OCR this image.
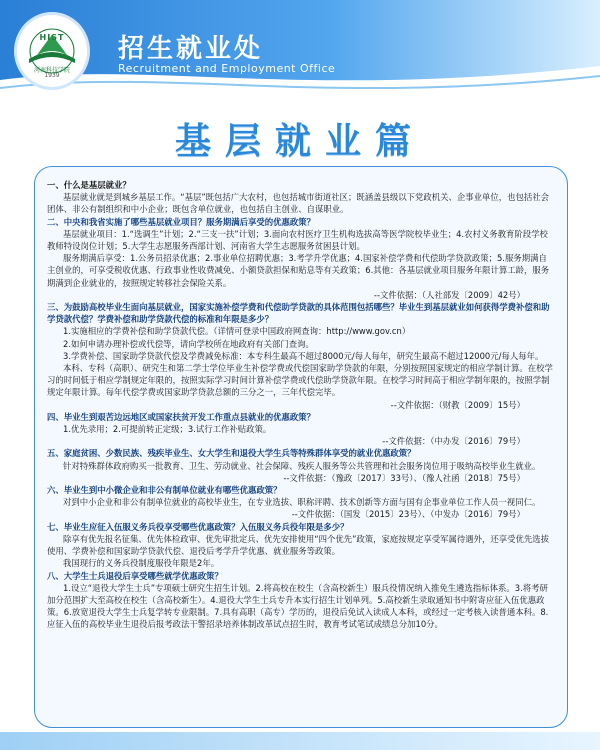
HIST
河南科技学院
1939
招生就业处
Recruitment and Employment Office
基层就业篇

一、什么是基层就业？

基层就业就是到城乡基层工作。“基层”既包括广大农村，也包括城市街道社区；既涵盖县级以下党政机关、企事业单位，也包括社会团体、非公有制组织和中小企业；既包含单位就业，也包括自主创业、自谋职业。

二、中央和我省实施了哪些基层就业项目？服务期满后享受的优惠政策？

基层就业项目：1.“选调生”计划；2.“三支一扶”计划；3.面向农村医疗卫生机构选拔高等医学院校毕业生；4.农村义务教育阶段学校教师特设岗位计划；5.大学生志愿服务西部计划、河南省大学生志愿服务贫困县计划。

服务期满后享受：1.公务员招录优惠；2.事业单位招聘优惠；3.考学升学优惠；4.国家补偿学费和代偿助学贷款政策；5.服务期满自主创业的，可享受税收优惠、行政事业性收费减免、小额贷款担保和贴息等有关政策；6.其他：各基层就业项目服务年限计算工龄，服务期满到企业就业的，按照规定转移社会保险关系。

--文件依据：（人社部发〔2009〕42号）

三、为鼓励高校毕业生面向基层就业，国家实施补偿学费和代偿助学贷款的具体范围包括哪些？毕业生到基层就业如何获得学费补偿和助学贷款代偿？学费补偿和助学贷款代偿的标准和年限是多少？

1.实施相应的学费补偿和助学贷款代偿。（详情可登录中国政府网查询：http://www.gov.cn）

2.如何申请办理补偿或代偿等，请向学校所在地政府有关部门查询。

3.学费补偿、国家助学贷款代偿及学费减免标准：本专科生最高不超过8000元/每人每年，研究生最高不超过12000元/每人每年。

本科、专科（高职）、研究生和第二学士学位毕业生补偿学费或代偿国家助学贷款的年限，分别按照国家规定的相应学制计算。在校学习的时间低于相应学制规定年限的，按照实际学习时间计算补偿学费或代偿助学贷款年限。在校学习时间高于相应学制年限的，按照学制规定年限计算。每年代偿学费或国家助学贷款总额的三分之一，三年代偿完毕。

--文件依据：（财教〔2009〕15号）

四、毕业生到艰苦边远地区或国家扶贫开发工作重点县就业的优惠政策？

1.优先录用；2.可提前转正定级；3.试行工作补贴政策。

--文件依据：（中办发〔2016〕79号）

五、家庭贫困、少数民族、残疾毕业生、女大学生和退役大学生兵等特殊群体享受的就业优惠政策？

针对特殊群体政府购买一批教育、卫生、劳动就业、社会保障、残疾人服务等公共管理和社会服务岗位用于吸纳高校毕业生就业。

--文件依据：（豫政〔2017〕33号）、（豫人社函〔2018〕75号）

六、毕业生到中小微企业和非公有制单位就业有哪些优惠政策？

对到中小企业和非公有制单位就业的高校毕业生，在专业选拔、职称评聘、技术创新等方面与国有企事业单位工作人员一视同仁。

--文件依据：（国发〔2015〕23号）、（中发办〔2016〕79号）

七、毕业生应征入伍服义务兵役享受哪些优惠政策？入伍服义务兵役年限是多少？

除享有优先报名征集、优先体检政审、优先审批定兵、优先安排使用“四个优先”政策，家庭按规定享受军属待遇外，还享受优先选拔使用、学费补偿和国家助学贷款代偿、退役后考学升学优惠、就业服务等政策。

我国现行的义务兵役制度服役年限是2年。

八、大学生士兵退役后享受哪些就学优惠政策？

1.设立“退役大学生士兵”专项硕士研究生招生计划。2.将高校在校生（含高校新生）服兵役情况纳入推免生遴选指标体系。3.将考研加分范围扩大至高校在校生（含高校新生）。4.退役大学生士兵专升本实行招生计划单列。5.高校新生录取通知书中附寄应征入伍优惠政策。6.放宽退役大学生士兵复学转专业限制。7.具有高职（高专）学历的，退役后免试入读成人本科，或经过一定考核入读普通本科。8.应征入伍的高校毕业生退役后报考政法干警招录培养体制改革试点招生时，教育考试笔试成绩总分加10分。
